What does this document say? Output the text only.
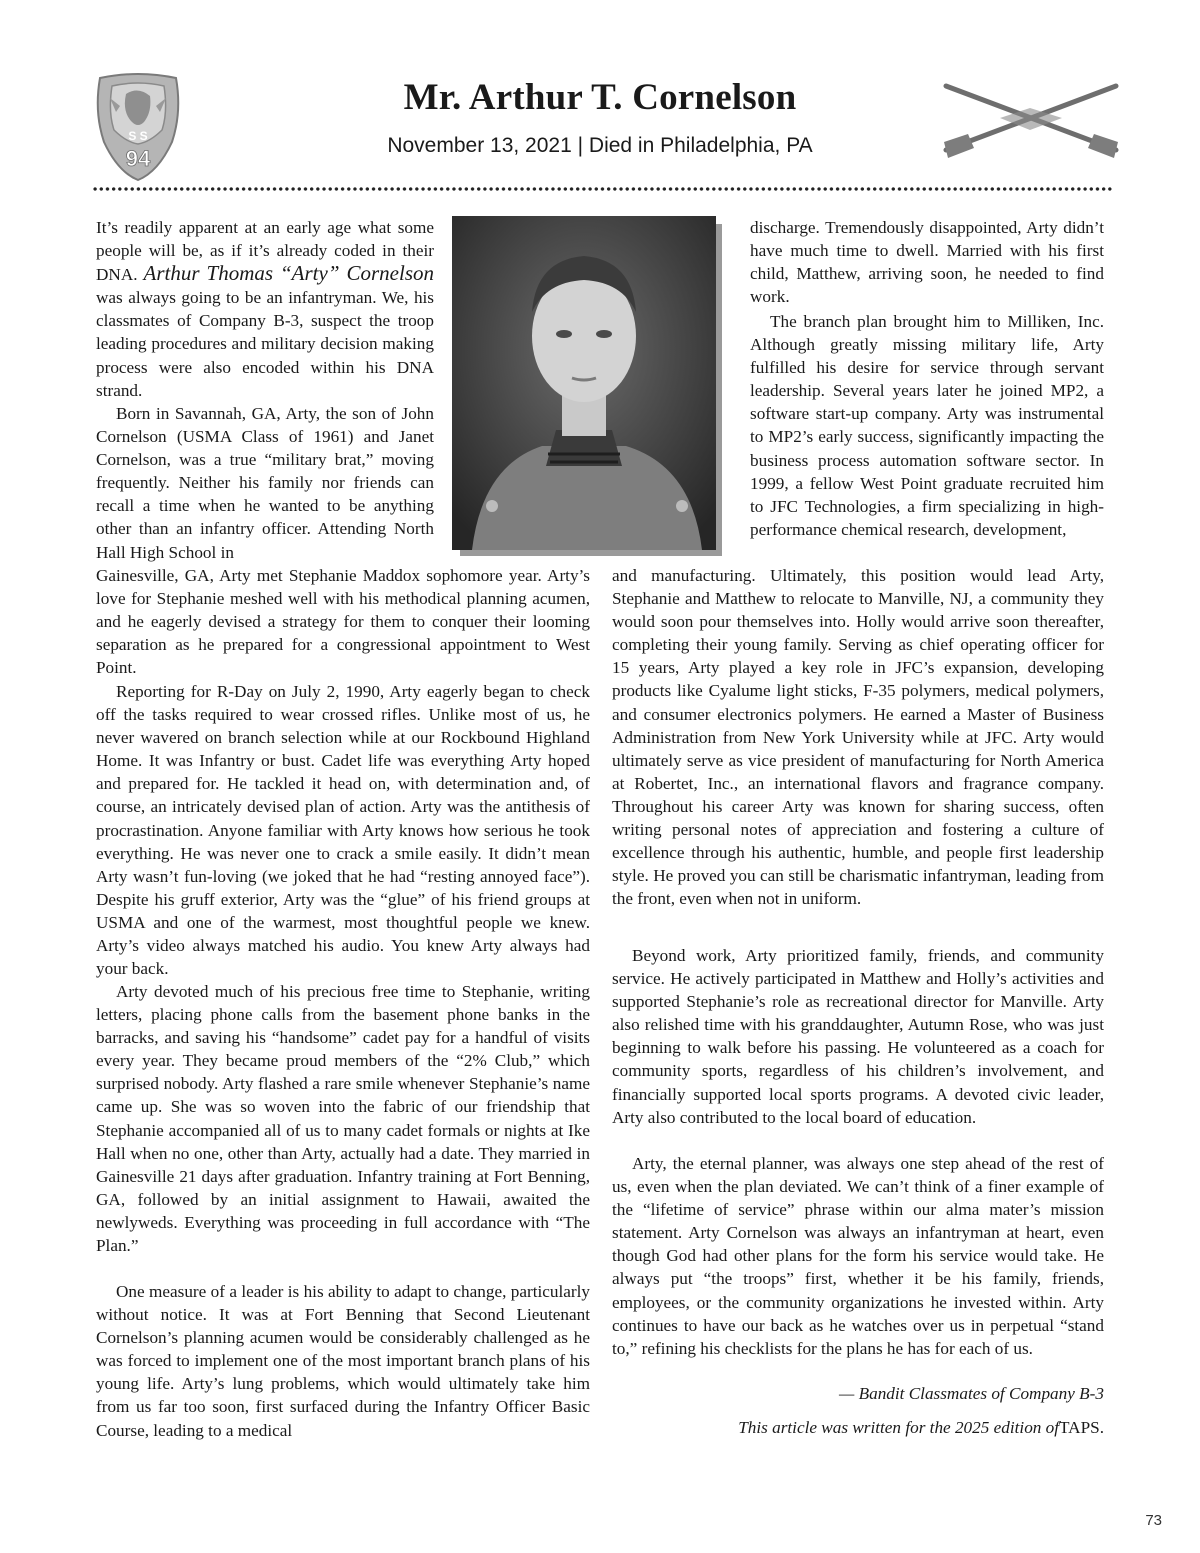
S S
94
Mr. Arthur T. Cornelson
November 13, 2021 | Died in Philadelphia, PA

It’s readily apparent at an early age what some people will be, as if it’s already coded in their DNA. Arthur Thomas “Arty” Cornelson was always going to be an infantryman. We, his classmates of Company B-3, suspect the troop leading procedures and military decision making process were also encoded within his DNA strand.

Born in Savannah, GA, Arty, the son of John Cornelson (USMA Class of 1961) and Janet Cornelson, was a true “military brat,” moving frequently. Neither his family nor friends can recall a time when he wanted to be anything other than an infantry officer. Attending North Hall High School in

Gainesville, GA, Arty met Stephanie Maddox sophomore year. Arty’s love for Stephanie meshed well with his methodical planning acumen, and he eagerly devised a strategy for them to conquer their looming separation as he prepared for a congressional appointment to West Point.

Reporting for R-Day on July 2, 1990, Arty eagerly began to check off the tasks required to wear crossed rifles. Unlike most of us, he never wavered on branch selection while at our Rockbound Highland Home. It was Infantry or bust. Cadet life was everything Arty hoped and prepared for. He tackled it head on, with determination and, of course, an intricately devised plan of action. Arty was the antithesis of procrastination. Anyone familiar with Arty knows how serious he took everything. He was never one to crack a smile easily. It didn’t mean Arty wasn’t fun-loving (we joked that he had “resting annoyed face”). Despite his gruff exterior, Arty was the “glue” of his friend groups at USMA and one of the warmest, most thoughtful people we knew. Arty’s video always matched his audio. You knew Arty always had your back.

Arty devoted much of his precious free time to Stephanie, writing letters, placing phone calls from the basement phone banks in the barracks, and saving his “handsome” cadet pay for a handful of visits every year. They became proud members of the “2% Club,” which surprised nobody. Arty flashed a rare smile whenever Stephanie’s name came up. She was so woven into the fabric of our friendship that Stephanie accompanied all of us to many cadet formals or nights at Ike Hall when no one, other than Arty, actually had a date. They married in Gainesville 21 days after graduation. Infantry training at Fort Benning, GA, followed by an initial assignment to Hawaii, awaited the newlyweds. Everything was proceeding in full accordance with “The Plan.”

One measure of a leader is his ability to adapt to change, particularly without notice. It was at Fort Benning that Second Lieutenant Cornelson’s planning acumen would be considerably challenged as he was forced to implement one of the most important branch plans of his young life. Arty’s lung problems, which would ultimately take him from us far too soon, first surfaced during the Infantry Officer Basic Course, leading to a medical

discharge. Tremendously disappointed, Arty didn’t have much time to dwell. Married with his first child, Matthew, arriving soon, he needed to find work.

The branch plan brought him to Milliken, Inc. Although greatly missing military life, Arty fulfilled his desire for service through servant leadership. Several years later he joined MP2, a software start-up company. Arty was instrumental to MP2’s early success, significantly impacting the business process automation software sector. In 1999, a fellow West Point graduate recruited him to JFC Technologies, a firm specializing in high-performance chemical research, development,

and manufacturing. Ultimately, this position would lead Arty, Stephanie and Matthew to relocate to Manville, NJ, a community they would soon pour themselves into. Holly would arrive soon thereafter, completing their young family. Serving as chief operating officer for 15 years, Arty played a key role in JFC’s expansion, developing products like Cyalume light sticks, F-35 polymers, medical polymers, and consumer electronics polymers. He earned a Master of Business Administration from New York University while at JFC. Arty would ultimately serve as vice president of manufacturing for North America at Robertet, Inc., an international flavors and fragrance company. Throughout his career Arty was known for sharing success, often writing personal notes of appreciation and fostering a culture of excellence through his authentic, humble, and people first leadership style. He proved you can still be charismatic infantryman, leading from the front, even when not in uniform.

Beyond work, Arty prioritized family, friends, and community service. He actively participated in Matthew and Holly’s activities and supported Stephanie’s role as recreational director for Manville. Arty also relished time with his granddaughter, Autumn Rose, who was just beginning to walk before his passing. He volunteered as a coach for community sports, regardless of his children’s involvement, and financially supported local sports programs. A devoted civic leader, Arty also contributed to the local board of education.

Arty, the eternal planner, was always one step ahead of the rest of us, even when the plan deviated. We can’t think of a finer example of the “lifetime of service” phrase within our alma mater’s mission statement. Arty Cornelson was always an infantryman at heart, even though God had other plans for the form his service would take. He always put “the troops” first, whether it be his family, friends, employees, or the community organizations he invested within. Arty continues to have our back as he watches over us in perpetual “stand to,” refining his checklists for the plans he has for each of us.

— Bandit Classmates of Company B-3

This article was written for the 2025 edition ofTAPS.

73
